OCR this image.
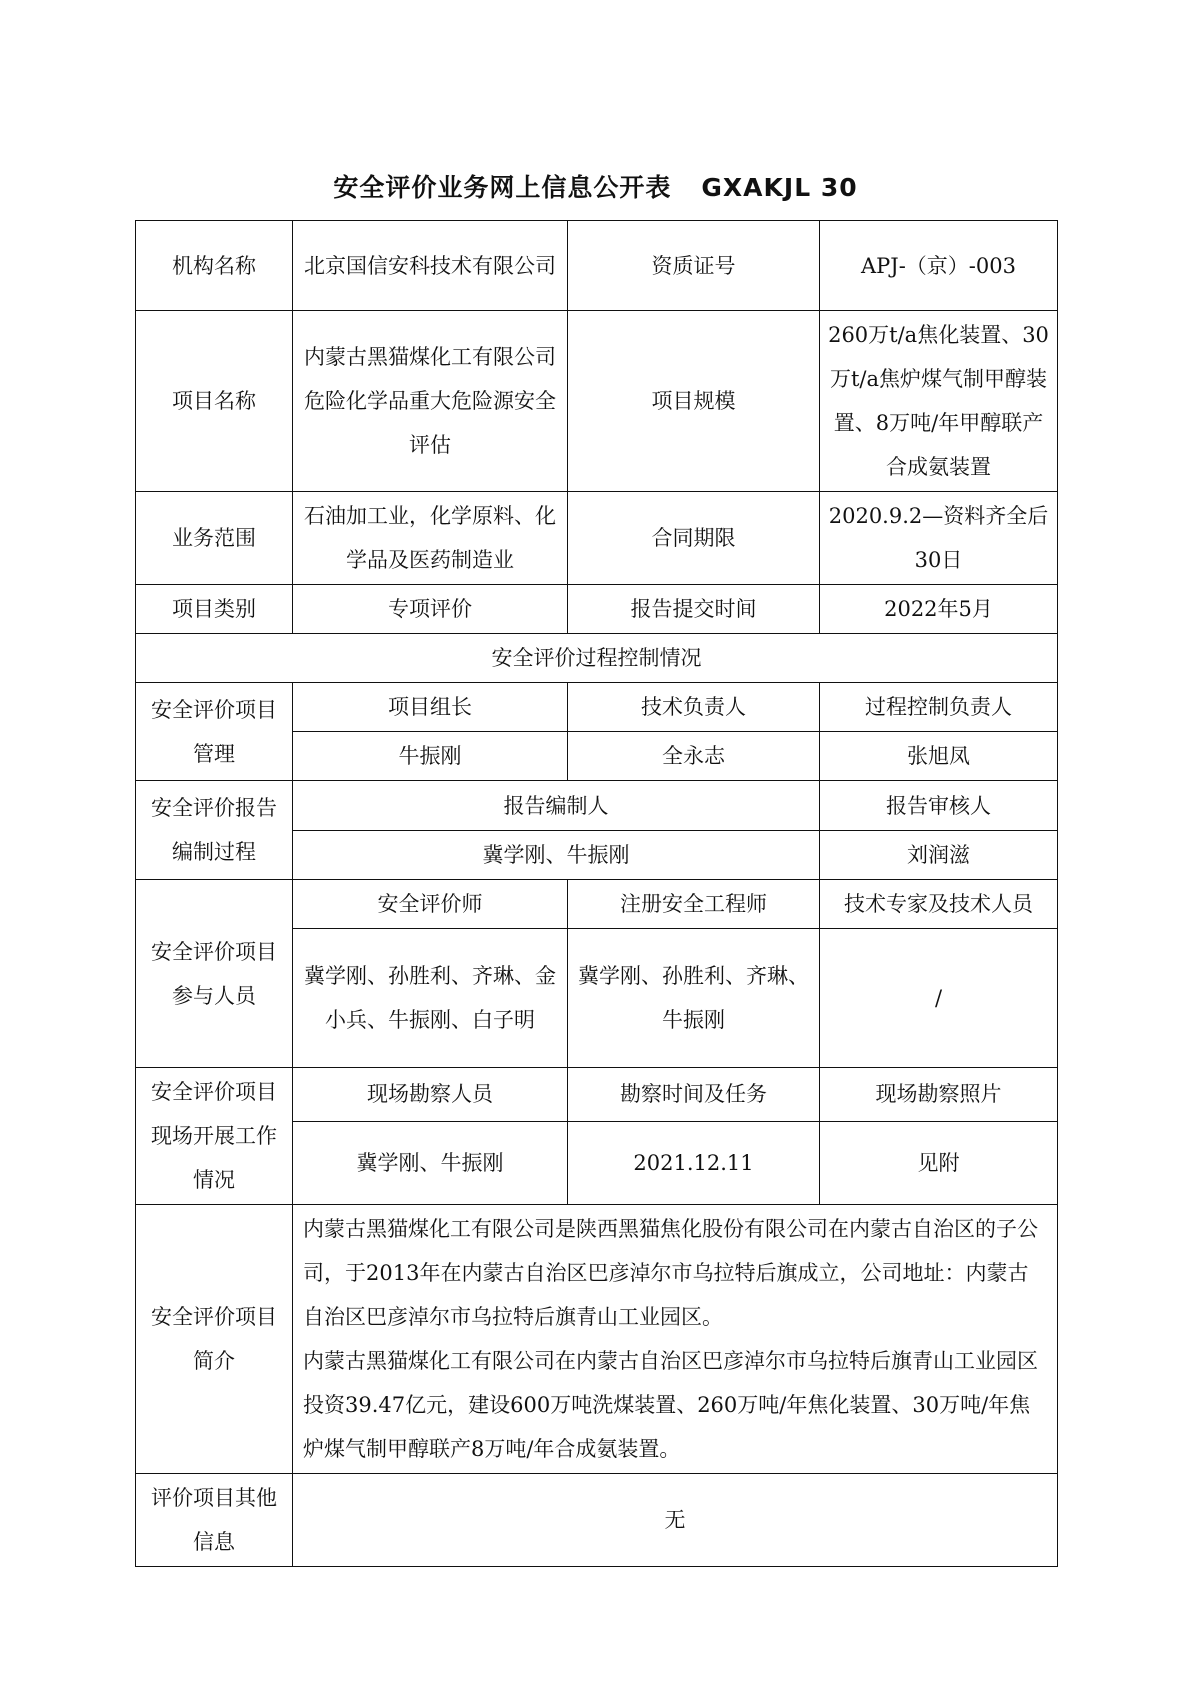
安全评价业务网上信息公开表 GXAKJL 30
机构名称	北京国信安科技术有限公司	资质证号	APJ-（京）-003
项目名称	内蒙古黑猫煤化工有限公司危险化学品重大危险源安全评估	项目规模	260万t/a焦化装置、30万t/a焦炉煤气制甲醇装置、8万吨/年甲醇联产合成氨装置
业务范围	石油加工业，化学原料、化学品及医药制造业	合同期限	2020.9.2—资料齐全后30日
项目类别	专项评价	报告提交时间	2022年5月
安全评价过程控制情况			
安全评价项目管理	项目组长	技术负责人	过程控制负责人
	牛振刚	全永志	张旭凤
安全评价报告编制过程	报告编制人		报告审核人
	冀学刚、牛振刚		刘润滋
安全评价项目参与人员	安全评价师	注册安全工程师	技术专家及技术人员
	冀学刚、孙胜利、齐琳、金小兵、牛振刚、白子明	冀学刚、孙胜利、齐琳、牛振刚	/
安全评价项目现场开展工作情况	现场勘察人员	勘察时间及任务	现场勘察照片
	冀学刚、牛振刚	2021.12.11	见附
安全评价项目简介	内蒙古黑猫煤化工有限公司是陕西黑猫焦化股份有限公司在内蒙古自治区的子公司，于2013年在内蒙古自治区巴彦淖尔市乌拉特后旗成立，公司地址：内蒙古自治区巴彦淖尔市乌拉特后旗青山工业园区。

内蒙古黑猫煤化工有限公司在内蒙古自治区巴彦淖尔市乌拉特后旗青山工业园区投资39.47亿元，建设600万吨洗煤装置、260万吨/年焦化装置、30万吨/年焦炉煤气制甲醇联产8万吨/年合成氨装置。		

评价项目其他信息	无		
